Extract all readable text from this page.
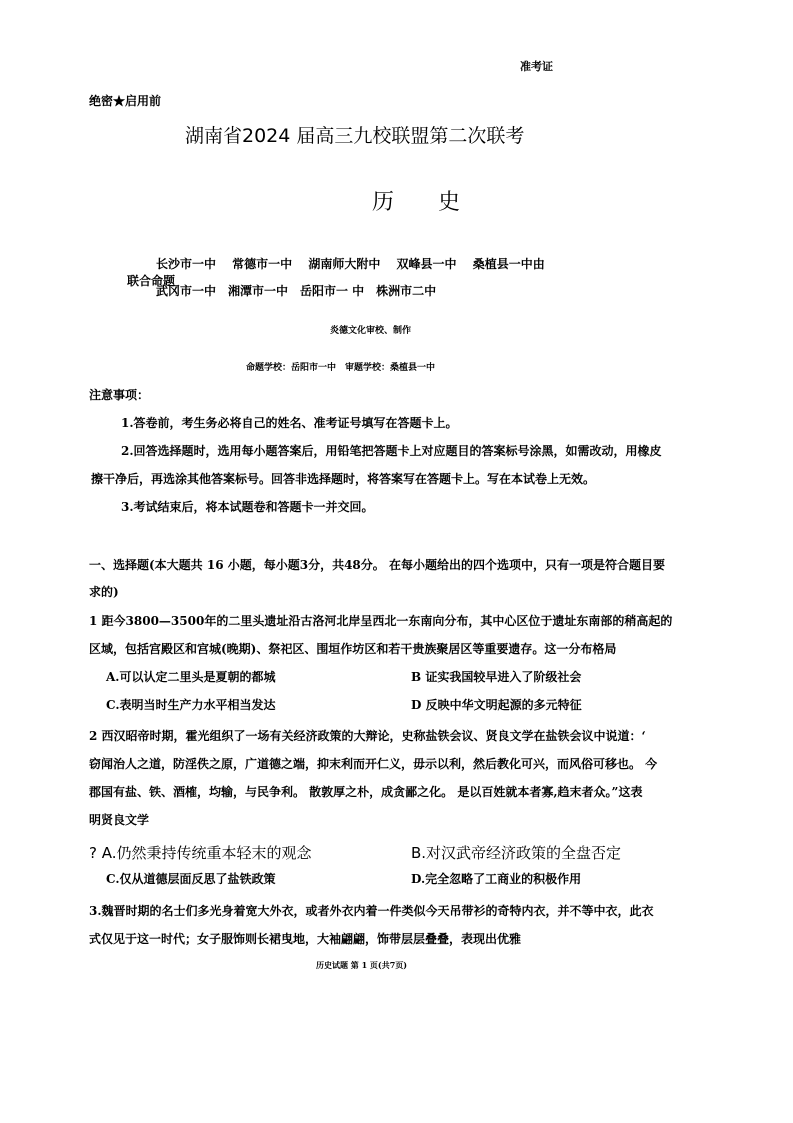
准考证
绝密★启用前
湖南省2024 届高三九校联盟第二次联考
历　　史
长沙市一中　 常德市一中　 湖南师大附中　 双峰县一中　 桑植县一中由
联合命题
武冈市一中　湘潭市一中　岳阳市一 中　株洲市二中
炎德文化审校、制作
命题学校：岳阳市一中　审题学校：桑植县一中
注意事项：
1.答卷前，考生务必将自己的姓名、准考证号填写在答题卡上。
2.回答选择题时，选用每小题答案后，用铅笔把答题卡上对应题目的答案标号涂黑，如需改动，用橡皮
擦干净后，再选涂其他答案标号。回答非选择题时，将答案写在答题卡上。写在本试卷上无效。
3.考试结束后，将本试题卷和答题卡一并交回。
一、选择题(本大题共 16 小题，每小题3分，共48分。 在每小题给出的四个选项中，只有一项是符合题目要
求的)
1 距今3800—3500年的二里头遗址沿古洛河北岸呈西北一东南向分布，其中心区位于遗址东南部的稍高起的
区域，包括宫殿区和宫城(晚期)、祭祀区、围垣作坊区和若干贵族聚居区等重要遗存。这一分布格局
A.可以认定二里头是夏朝的都城	B 证实我国较早进入了阶级社会
C.表明当时生产力水平相当发达	D 反映中华文明起源的多元特征
2 西汉昭帝时期，霍光组织了一场有关经济政策的大辩论，史称盐铁会议、贤良文学在盐铁会议中说道：‘
窃闻治人之道，防淫佚之原，广道德之端，抑末利而开仁义，毋示以利，然后教化可兴，而风俗可移也。 今
郡国有盐、铁、酒榷，均输，与民争利。 散敦厚之朴，成贪鄙之化。 是以百姓就本者寡,趋末者众。”这表
明贤良文学
? A.仍然秉持传统重本轻末的观念	B.对汉武帝经济政策的全盘否定
C.仅从道德层面反思了盐铁政策	D.完全忽略了工商业的积极作用
3.魏晋时期的名士们多光身着宽大外衣，或者外衣内着一件类似今天吊带衫的奇特内衣，并不等中衣，此衣
式仅见于这一时代；女子服饰则长裙曳地，大袖翩翩，饰带层层叠叠，表现出优雅
历史试题 第 1 页(共7页)
